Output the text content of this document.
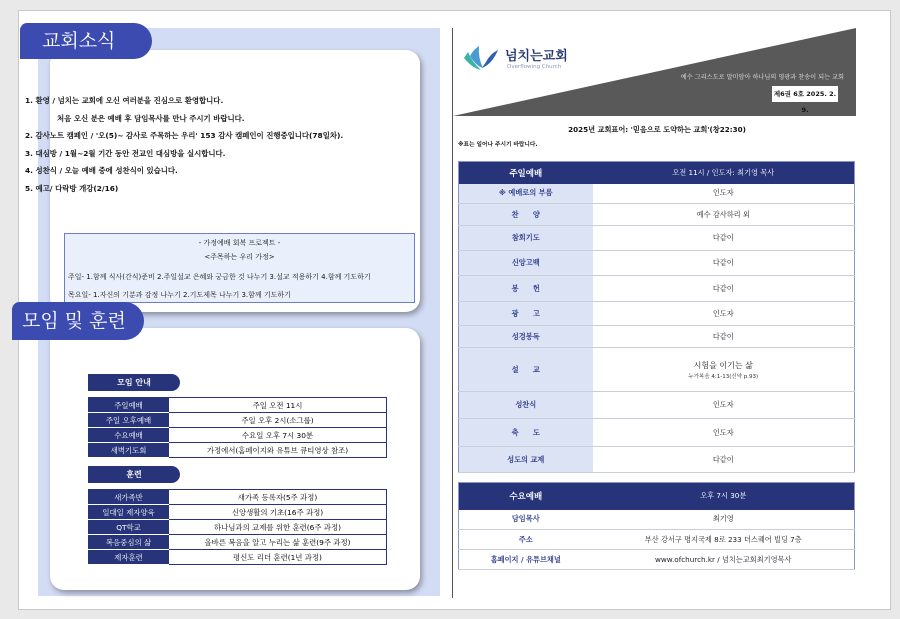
교회소식
1. 환영 / 넘치는 교회에 오신 여러분을 진심으로 환영합니다.
처음 오신 분은 예배 후 담임목사를 만나 주시기 바랍니다.
2. 감사노트 캠페인 / '오(5)~ 감사로 주목하는 우리' 153 감사 캠페인이 진행중입니다(78일차).
3. 대심방 / 1월~2월 기간 동안 전교인 대심방을 실시합니다.
4. 성찬식 / 오늘 예배 중에 성찬식이 있습니다.
5. 예고/ 다락방 개강(2/16)
- 가정예배 회복 프로젝트 -
<주목하는 우리 가정>
주일- 1.함께 식사(간식)준비 2.주일설교 은혜와 궁금한 것 나누기 3.설교 적용하기 4.함께 기도하기
목요일- 1.자신의 기분과 감정 나누기 2.기도제목 나누기 3.함께 기도하기
모임 및 훈련
모임 안내
주일예배	주일 오전 11시
주일 오후예배	주일 오후 2시(소그룹)
수요예배	수요일 오후 7시 30분
새벽기도회	가정에서(홈페이지와 유튜브 큐티영상 참조)
훈련
새가족반	새가족 등록자(5주 과정)
일대일 제자양육	신앙생활의 기초(16주 과정)
QT학교	하나님과의 교제를 위한 훈련(6주 과정)
복음중심의 삶	올바른 복음을 알고 누리는 삶 훈련(9주 과정)
제자훈련	평신도 리더 훈련(1년 과정)
넘치는교회
Overflowing Church
예수 그리스도로 말미암아 하나님의 영광과 찬송이 되는 교회
제6권 6호 2025. 2. 9.
2025년 교회표어: '믿음으로 도약하는 교회'(창22:30)
※표는 일어나 주시기 바랍니다.
주일예배	오전 11시 / 인도자: 최기영 목사
※ 예배로의 부름	인도자
찬　　양	예수 감사하리 외
참회기도	다같이
신앙고백	다같이
봉　　헌	다같이
광　　고	인도자
성경봉독	다같이
설　　교	시험을 이기는 삶
누가복음 4:1-13(신약 p.93)

성찬식	인도자
축　　도	인도자
성도의 교제	다같이
수요예배	오후 7시 30분
담임목사	최기영
주소	부산 강서구 명지국제 8로 233 더스퀘어 빌딩 7층
홈페이지 / 유튜브채널	www.ofchurch.kr / 넘치는교회최기영목사
